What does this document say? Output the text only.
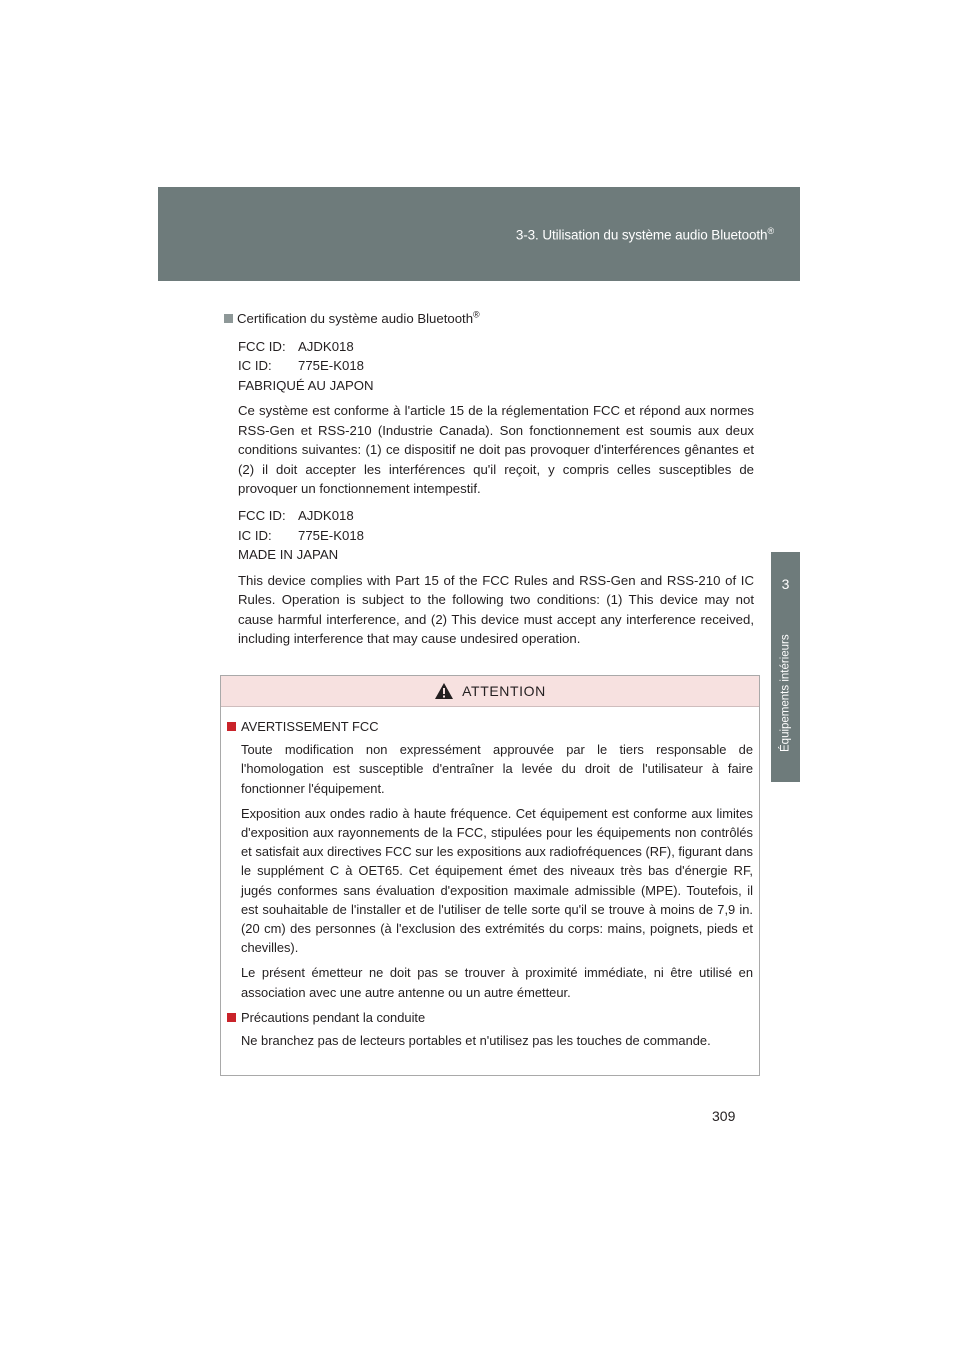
3-3. Utilisation du système audio Bluetooth®
3
Équipements intérieurs
Certification du système audio Bluetooth®
FCC ID: AJDK018
IC ID:	775E-K018
FABRIQUÉ AU JAPON

Ce système est conforme à l'article 15 de la réglementation FCC et répond aux normes RSS-Gen et RSS-210 (Industrie Canada). Son fonctionnement est soumis aux deux conditions suivantes: (1) ce dispositif ne doit pas provoquer d'interférences gênantes et (2) il doit accepter les interférences qu'il reçoit, y compris celles susceptibles de provoquer un fonctionnement intempestif.

FCC ID: AJDK018
IC ID:	775E-K018
MADE IN JAPAN

This device complies with Part 15 of the FCC Rules and RSS-Gen and RSS-210 of IC Rules. Operation is subject to the following two conditions: (1) This device may not cause harmful interference, and (2) This device must accept any interference received, including interference that may cause undesired operation.

ATTENTION
AVERTISSEMENT FCC

Toute modification non expressément approuvée par le tiers responsable de l'homologation est susceptible d'entraîner la levée du droit de l'utilisateur à faire fonctionner l'équipement.

Exposition aux ondes radio à haute fréquence. Cet équipement est conforme aux limites d'exposition aux rayonnements de la FCC, stipulées pour les équipements non contrôlés et satisfait aux directives FCC sur les expositions aux radiofréquences (RF), figurant dans le supplément C à OET65. Cet équipement émet des niveaux très bas d'énergie RF, jugés conformes sans évaluation d'exposition maximale admissible (MPE). Toutefois, il est souhaitable de l'installer et de l'utiliser de telle sorte qu'il se trouve à moins de 7,9 in. (20 cm) des personnes (à l'exclusion des extrémités du corps: mains, poignets, pieds et chevilles).

Le présent émetteur ne doit pas se trouver à proximité immédiate, ni être utilisé en association avec une autre antenne ou un autre émetteur.

Précautions pendant la conduite

Ne branchez pas de lecteurs portables et n'utilisez pas les touches de commande.

309
